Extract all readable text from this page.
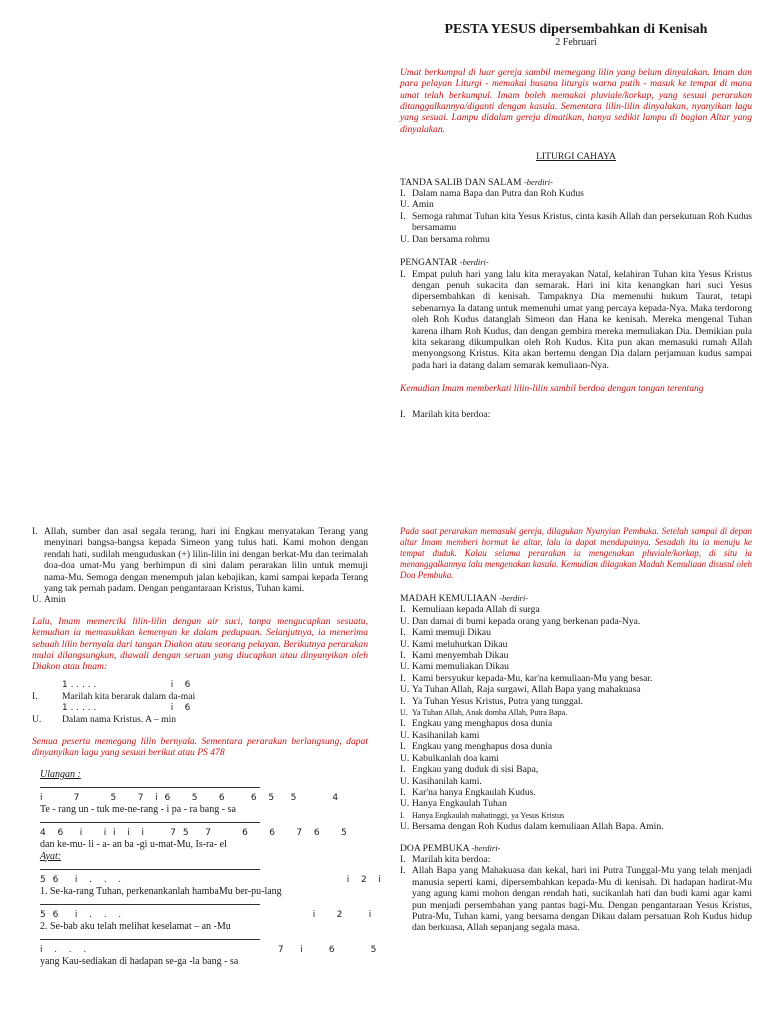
PESTA YESUS dipersembahkan di Kenisah
2 Februari
Umat berkumpul di luar gereja sambil memegang lilin yang belum dinyalakan. Imam dan para pelayan Liturgi - memakai busana liturgis warna putih - masuk ke tempat di mana umat telah berkumpul. Imam boleh memakai pluviale/korkap, yang sesuai perarakan ditanggalkannya/diganti dengan kasula. Sementara lilin-lilin dinyalakan, nyanyikan lagu yang sesuai. Lampu didalam gereja dimatikan, hanya sedikit lampu di bagian Altar yang dinyalakan.
LITURGI CAHAYA
TANDA SALIB DAN SALAM -berdiri-
I. Dalam nama Bapa dan Putra dan Roh Kudus
U. Amin
I. Semoga rahmat Tuhan kita Yesus Kristus, cinta kasih Allah dan persekutuan Roh Kudus bersamamu
U. Dan bersama rohmu
PENGANTAR -berdiri-
I. Empat puluh hari yang lalu kita merayakan Natal, kelahiran Tuhan kita Yesus Kristus dengan penuh sukacita dan semarak. Hari ini kita kenangkan hari suci Yesus dipersembahkan di kenisah. Tampaknya Dia memenuhi hukum Taurat, tetapi sebenarnya Ia datang untuk memenuhi umat yang percaya kepada-Nya. Maka terdorong oleh Roh Kudus datanglah Simeon dan Hana ke kenisah. Mereka mengenal Tuhan karena ilham Roh Kudus, dan dengan gembira mereka memuliakan Dia. Demikian pula kita sekarang dikumpulkan oleh Roh Kudus. Kita pun akan memasuki rumah Allah menyongsong Kristus. Kita akan bertemu dengan Dia dalam perjamuan kudus sampai pada hari ia datang dalam semarak kemuliaan-Nya.
Kemudian Imam memberkati lilin-lilin sambil berdoa dengan tangan terentang
I. Marilah kita berdoa:
I. Allah, sumber dan asal segala terang, hari ini Engkau menyatakan Terang yang menyinari bangsa-bangsa kepada Simeon yang tulus hati. Kami mohon dengan rendah hati, sudilah menguduskan (+) lilin-lilin ini dengan berkat-Mu dan terimalah doa-doa umat-Mu yang berhimpun di sini dalam perarakan lilin untuk memuji nama-Mu. Semoga dengan menempuh jalan kebajikan, kami sampai kepada Terang yang tak pernah padam. Dengan pengantaraan Kristus, Tuhan kami.
U. Amin
Lalu, Imam memerciki lilin-lilin dengan air suci, tanpa mengucapkan sesuatu, kemudian ia memasukkan kemenyan ke dalam pedupaan. Selanjutnya, ia menerima sebuah lilin bernyala dari tangan Diakon atau seorang pelayan. Berikutnya perarakan mulai dilangsungkan, diawali dengan seruan yang diucapkan atau dinyanyikan oleh Diakon atau Imam:
1 . . . . .                          i    6
I.	Marilah kita berarak dalam da-mai
1 . . . . .                          i    6
U.	Dalam nama Kristus. A – min
Semua peserta memegang lilin bernyala. Sementara perarakan berlangsung, dapat dinyanyikan lagu yang sesuai berikut atau PS 478
Ulangan :
i      7      5    7  i 6    5    6     6  5   5       4
Te - rang un - tuk me-ne-rang - i pa - ra bang - sa
4  6   i    i i  i  i     7 5   7      6    6    7  6    5
dan ke-mu- li - a- an ba -gi u-mat-Mu, Is-ra- el
Ayat:
5 6   i  .  .  .                                              i  2  i
1. Se-ka-rang Tuhan, perkenankanlah hambaMu ber-pu-lang
5 6   i  .  .  .                                       i    2     i
2. Se-bab aku telah melihat keselamat – an -Mu
i  .  .  .                                       7   i     6       5
yang Kau-sediakan di hadapan se-ga -la bang - sa
Pada saat perarakan memasuki gereja, dilagukan Nyanyian Pembuka. Setelah sampai di depan altar Imam memberi hormat ke altar, lalu ia dapat mendupainya. Sesudah itu ia menuju ke tempat duduk. Kalau selama perarakan ia mengenakan pluviale/korkap, di situ ia menanggalkannya lalu mengenakan kasula. Kemudian dilagukan Madah Kemuliaan disusul oleh Doa Pembuka.
MADAH KEMULIAAN -berdiri-
I. Kemuliaan kepada Allah di surga
U. Dan damai di bumi kepada orang yang berkenan pada-Nya.
I. Kami memuji Dikau
U. Kami meluhurkan Dikau
I. Kami menyembah Dikau
U. Kami memuliakan Dikau
I. Kami bersyukur kepada-Mu, kar'na kemuliaan-Mu yang besar.
U. Ya Tuhan Allah, Raja surgawi, Allah Bapa yang mahakuasa
I. Ya Tuhan Yesus Kristus, Putra yang tunggal.
U. Ya Tuhan Allah, Anak domba Allah, Putra Bapa.
I. Engkau yang menghapus dosa dunia
U. Kasihanilah kami
I. Engkau yang menghapus dosa dunia
U. Kabulkanlah doa kami
I. Engkau yang duduk di sisi Bapa,
U. Kasihanilah kami.
I. Kar'na hanya Engkaulah Kudus.
U. Hanya Engkaulah Tuhan
I. Hanya Engkaulah mahatinggi, ya Yesus Kristus
U. Bersama dengan Roh Kudus dalam kemuliaan Allah Bapa. Amin.
DOA PEMBUKA -berdiri-
I. Marilah kita berdoa:
I. Allah Bapa yang Mahakuasa dan kekal, hari ini Putra Tunggal-Mu yang telah menjadi manusia seperti kami, dipersembahkan kepada-Mu di kenisah. Di hadapan hadirat-Mu yang agung kami mohon dengan rendah hati, sucikanlah hati dan budi kami agar kami pun menjadi persembahan yang pantas bagi-Mu. Dengan pengantaraan Yesus Kristus, Putra-Mu, Tuhan kami, yang bersama dengan Dikau dalam persatuan Roh Kudus hidup dan berkuasa, Allah sepanjang segala masa.
